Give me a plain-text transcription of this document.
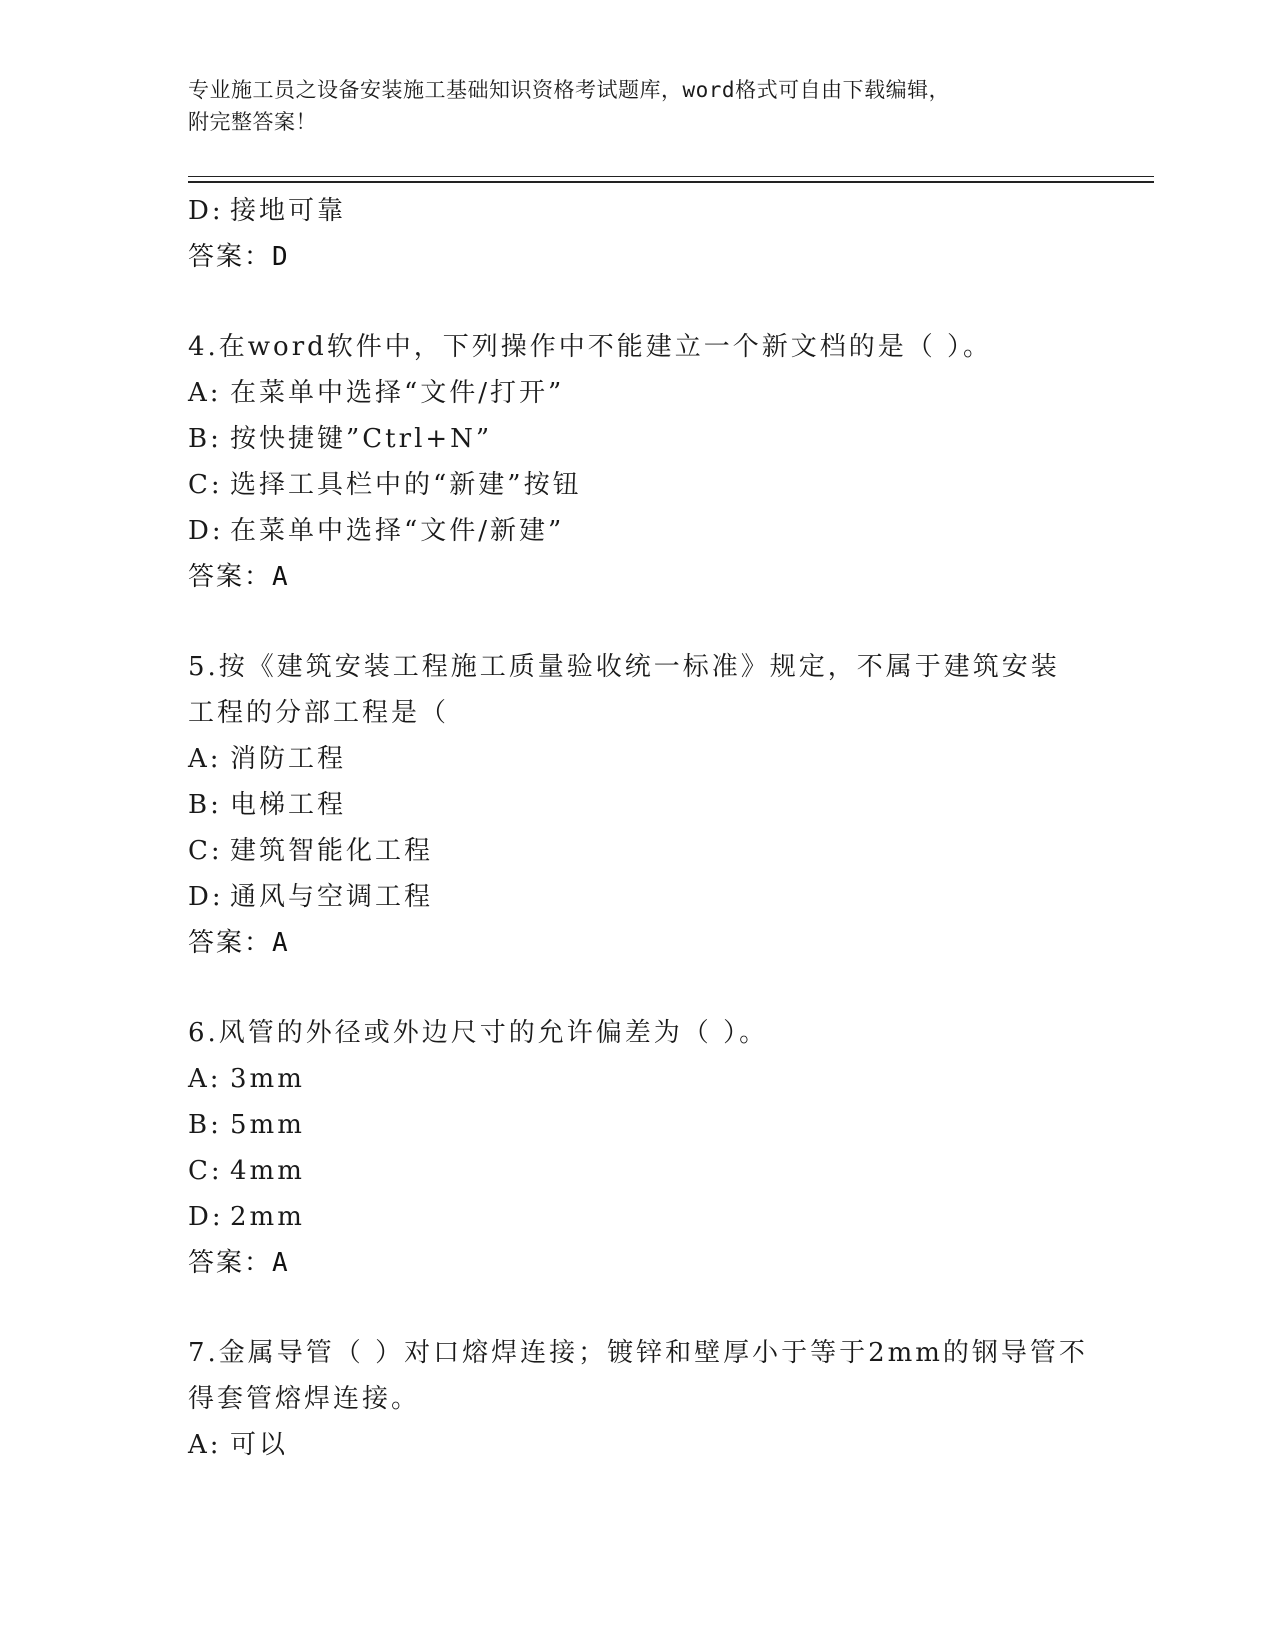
专业施工员之设备安装施工基础知识资格考试题库，word格式可自由下载编辑，
附完整答案！
D: 接地可靠
答案：D
4.在word软件中，下列操作中不能建立一个新文档的是（ ）。
A: 在菜单中选择“文件/打开”
B: 按快捷键”Ctrl+N”
C: 选择工具栏中的“新建”按钮
D: 在菜单中选择“文件/新建”
答案：A
5.按《建筑安装工程施工质量验收统一标准》规定，不属于建筑安装
工程的分部工程是（
A: 消防工程
B: 电梯工程
C: 建筑智能化工程
D: 通风与空调工程
答案：A
6.风管的外径或外边尺寸的允许偏差为（ ）。
A: 3mm
B: 5mm
C: 4mm
D: 2mm
答案：A
7.金属导管（ ）对口熔焊连接；镀锌和壁厚小于等于2mm的钢导管不
得套管熔焊连接。
A: 可以
